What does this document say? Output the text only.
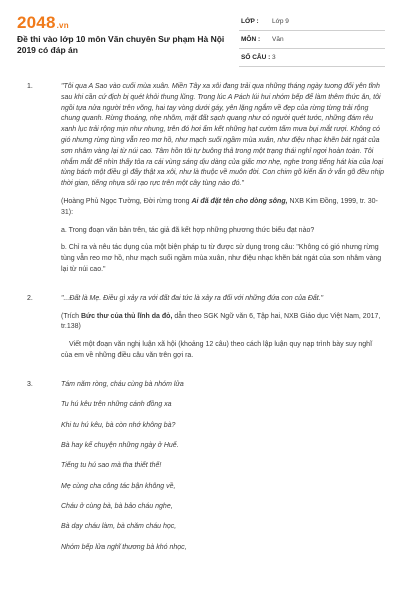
2048.vn
Đề thi vào lớp 10 môn Văn chuyên Sư phạm Hà Nội 2019 có đáp án
LỚP : Lớp 9
MÔN : Văn
SỐ CÂU : 3
1.	"Tôi qua A Sao vào cuối mùa xuân. Miền Tây xa xôi đang trải qua những tháng ngày tuơng đối yên tĩnh sau khi cần cứ địch bị quét khỏi thung lũng. Trong lúc A Pách lúi hui nhóm bếp để làm thêm thức ăn, tôi ngồi tựa nửa người trên võng, hai tay vòng dưới gáy, yên lặng ngắm về đẹp của rừng từng trải rộng chung quanh. Rừng thoáng, nhẹ nhõm, mặt đất sạch quang như có người quét tước, những đám rêu xanh lục trải rộng mịn như nhung, trên đó hơi ẩm kết những hạt cườm tấm mưa bụi mắt rượi. Không có gió nhưng rừng tùng vẫn reo mơ hồ, như mạch suối ngầm mùa xuân, như điệu nhạc khẽn bát ngát của sơn nhâm vàng lại từ núi cao. Tâm hồn tôi tự buông thả trong một trạng thái nghỉ ngơi hoàn toàn. Tôi nhắm mắt để nhìn thấy tỏa ra cái vùng sáng dịu dàng của giấc mơ nhẹ, nghe trong tiếng hát kia của loại tùng bách một điều gì đấy thật xa xôi, như là thuộc về muôn đời. Con chim gõ kiến ẩn ở vắn gõ đều nhịp thời gian, tiếng nhựa sôi rạo rực trên một cây tùng nào đó."

(Hoàng Phủ Ngọc Tường, Đời rừng trong Ai đã đặt tên cho dòng sông, NXB Kim Đồng, 1999, tr. 30-31):

a. Trong đoạn văn bản trên, tác giả đã kết hợp những phương thức biểu đạt nào?

b. Chỉ ra và nêu tác dụng của một biện pháp tu từ được sử dụng trong câu: "Không có gió nhưng rừng tùng vẫn reo mơ hồ, như mạch suối ngầm mùa xuân, như điệu nhạc khẽn bát ngát của sơn nhâm vàng lại từ núi cao."

2.	"...Đất là Mẹ. Điều gì xảy ra với đất đai tức là xảy ra đối với những đứa con của Đất."

(Trích Bức thư của thủ lĩnh da đỏ, dẫn theo SGK Ngữ văn 6, Tập hai, NXB Giáo dục Việt Nam, 2017, tr.138)

Viết một đoạn văn nghị luận xã hội (khoảng 12 câu) theo cách lập luận quy nạp trình bày suy nghĩ của em về những điều câu văn trên gợi ra.

3.	Tám năm ròng, cháu cùng bà nhóm lửa

Tu hú kêu trên những cánh đồng xa

Khi tu hú kêu, bà còn nhớ không bà?

Bà hay kể chuyện những ngày ở Huế.

Tiếng tu hú sao mà tha thiết thế!

Mẹ cùng cha công tác bận không về,

Cháu ở cùng bà, bà bảo cháu nghe,

Bà dạy cháu làm, bà chăm cháu học,

Nhóm bếp lửa nghĩ thương bà khó nhọc,
